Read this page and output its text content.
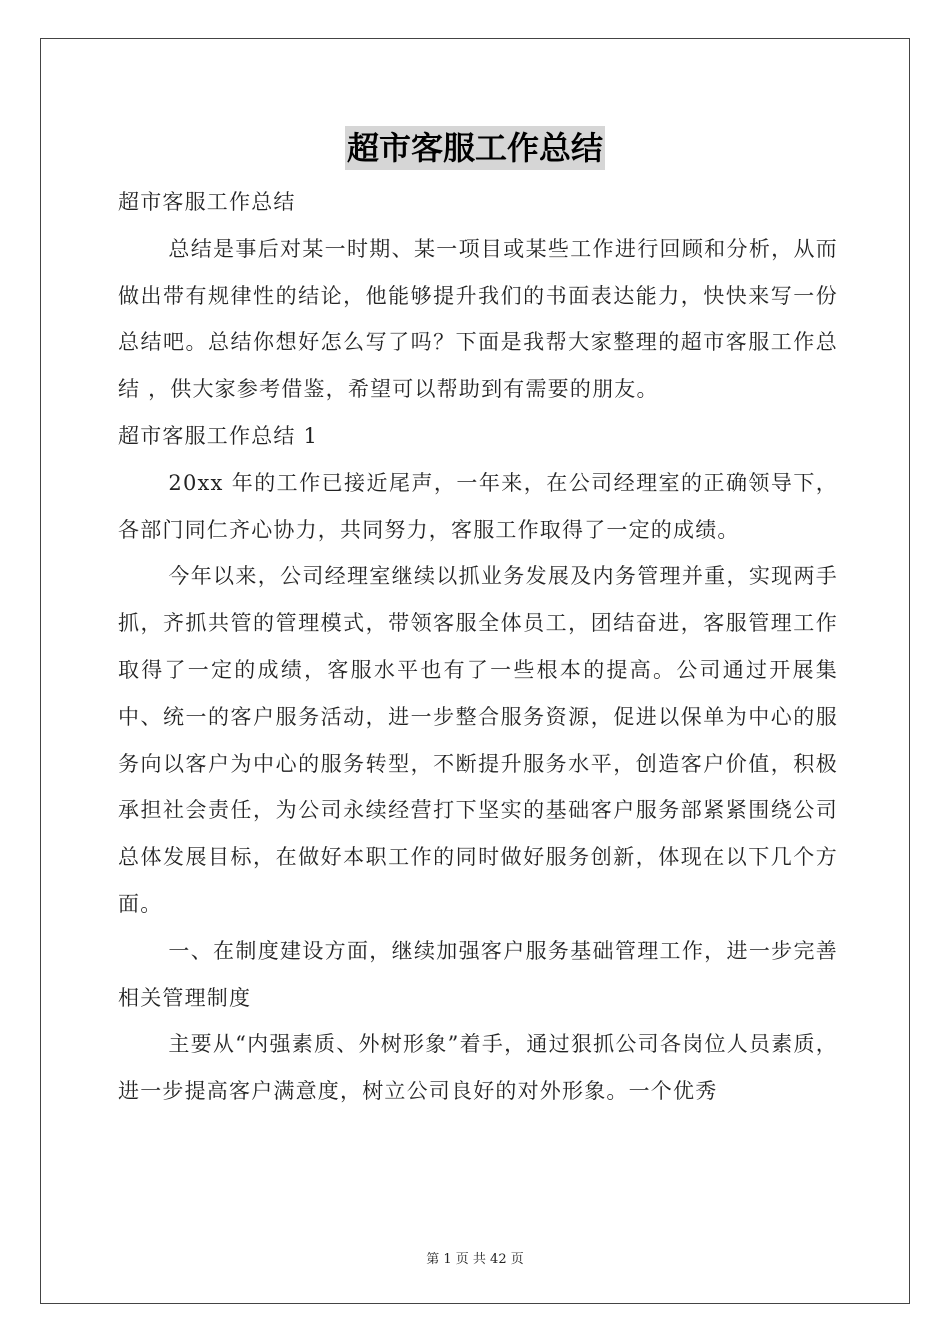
超市客服工作总结

超市客服工作总结

总结是事后对某一时期、某一项目或某些工作进行回顾和分析，从而做出带有规律性的结论，他能够提升我们的书面表达能力，快快来写一份总结吧。总结你想好怎么写了吗？下面是我帮大家整理的超市客服工作总结 ，供大家参考借鉴，希望可以帮助到有需要的朋友。

超市客服工作总结 1

20xx 年的工作已接近尾声，一年来，在公司经理室的正确领导下，各部门同仁齐心协力，共同努力，客服工作取得了一定的成绩。

今年以来，公司经理室继续以抓业务发展及内务管理并重，实现两手抓，齐抓共管的管理模式，带领客服全体员工，团结奋进，客服管理工作取得了一定的成绩，客服水平也有了一些根本的提高。公司通过开展集中、统一的客户服务活动，进一步整合服务资源，促进以保单为中心的服务向以客户为中心的服务转型，不断提升服务水平，创造客户价值，积极承担社会责任，为公司永续经营打下坚实的基础客户服务部紧紧围绕公司总体发展目标，在做好本职工作的同时做好服务创新，体现在以下几个方面。

一、在制度建设方面，继续加强客户服务基础管理工作，进一步完善相关管理制度

主要从“内强素质、外树形象”着手，通过狠抓公司各岗位人员素质，进一步提高客户满意度，树立公司良好的对外形象。一个优秀

第 1 页 共 42 页
